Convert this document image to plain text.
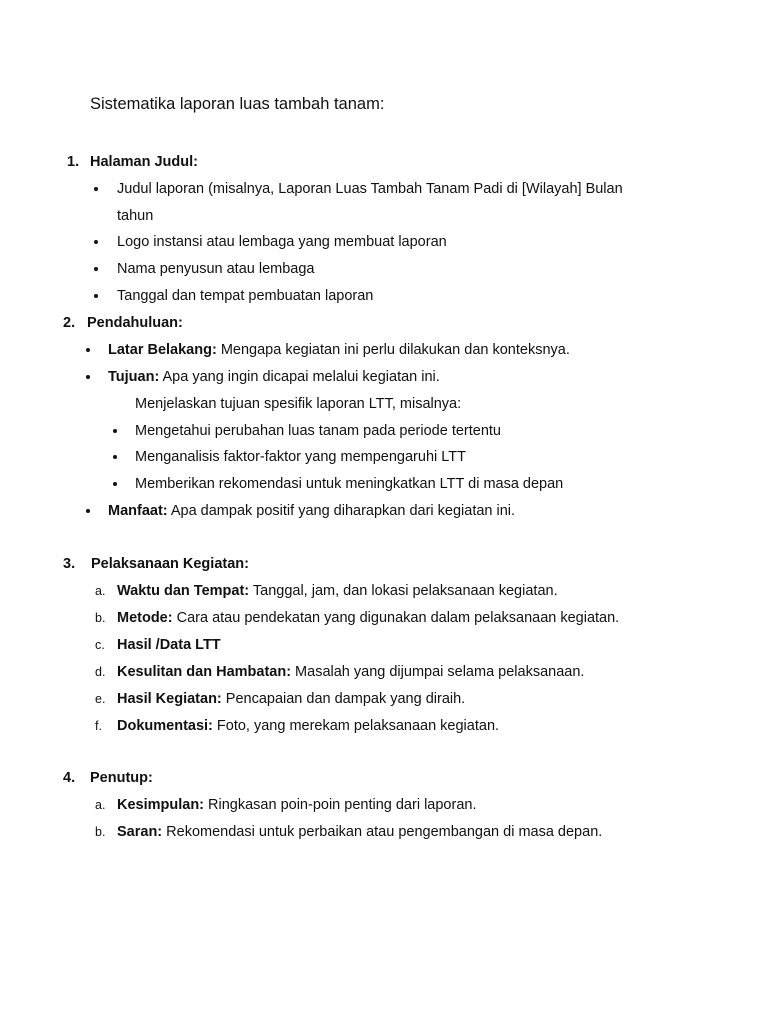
Sistematika laporan luas tambah tanam:
1. Halaman Judul:
Judul laporan (misalnya, Laporan Luas Tambah Tanam Padi di [Wilayah] Bulan
tahun
Logo instansi atau lembaga yang membuat laporan
Nama penyusun atau lembaga
Tanggal dan tempat pembuatan laporan
2. Pendahuluan:
Latar Belakang: Mengapa kegiatan ini perlu dilakukan dan konteksnya.
Tujuan: Apa yang ingin dicapai melalui kegiatan ini.
Menjelaskan tujuan spesifik laporan LTT, misalnya:
Mengetahui perubahan luas tanam pada periode tertentu
Menganalisis faktor-faktor yang mempengaruhi LTT
Memberikan rekomendasi untuk meningkatkan LTT di masa depan
Manfaat: Apa dampak positif yang diharapkan dari kegiatan ini.
3. Pelaksanaan Kegiatan:
a. Waktu dan Tempat: Tanggal, jam, dan lokasi pelaksanaan kegiatan.
b. Metode: Cara atau pendekatan yang digunakan dalam pelaksanaan kegiatan.
c. Hasil /Data LTT
d. Kesulitan dan Hambatan: Masalah yang dijumpai selama pelaksanaan.
e. Hasil Kegiatan: Pencapaian dan dampak yang diraih.
f. Dokumentasi: Foto, yang merekam pelaksanaan kegiatan.
4. Penutup:
a. Kesimpulan: Ringkasan poin-poin penting dari laporan.
b. Saran: Rekomendasi untuk perbaikan atau pengembangan di masa depan.
